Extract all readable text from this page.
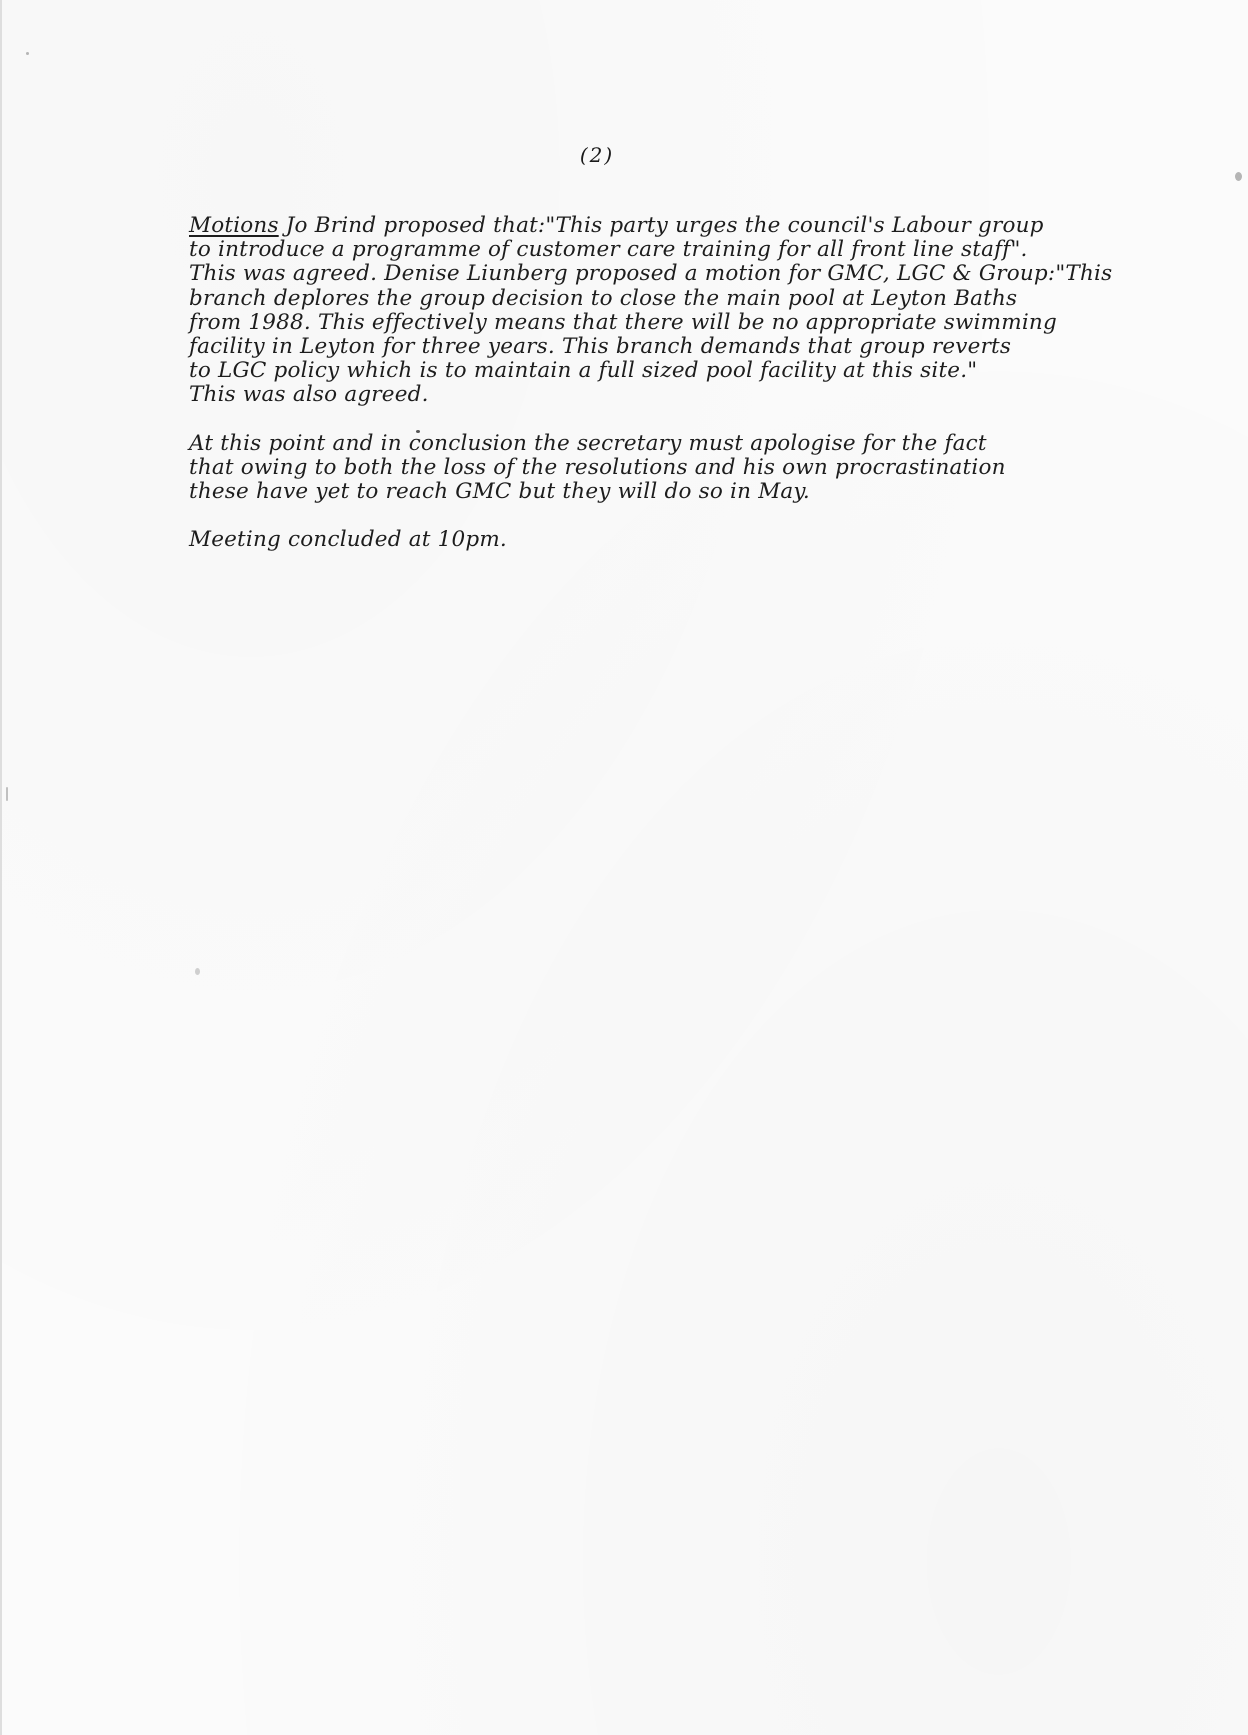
(2)
Motions Jo Brind proposed that:"This party urges the council's Labour group
to introduce a programme of customer care training for all front line staff".
This was agreed. Denise Liunberg proposed a motion for GMC, LGC & Group:"This
branch deplores the group decision to close the main pool at Leyton Baths
from 1988. This effectively means that there will be no appropriate swimming
facility in Leyton for three years. This branch demands that group reverts
to LGC policy which is to maintain a full sized pool facility at this site."
This was also agreed.
At this point and in conclusion the secretary must apologise for the fact
that owing to both the loss of the resolutions and his own procrastination
these have yet to reach GMC but they will do so in May.
Meeting concluded at 10pm.
